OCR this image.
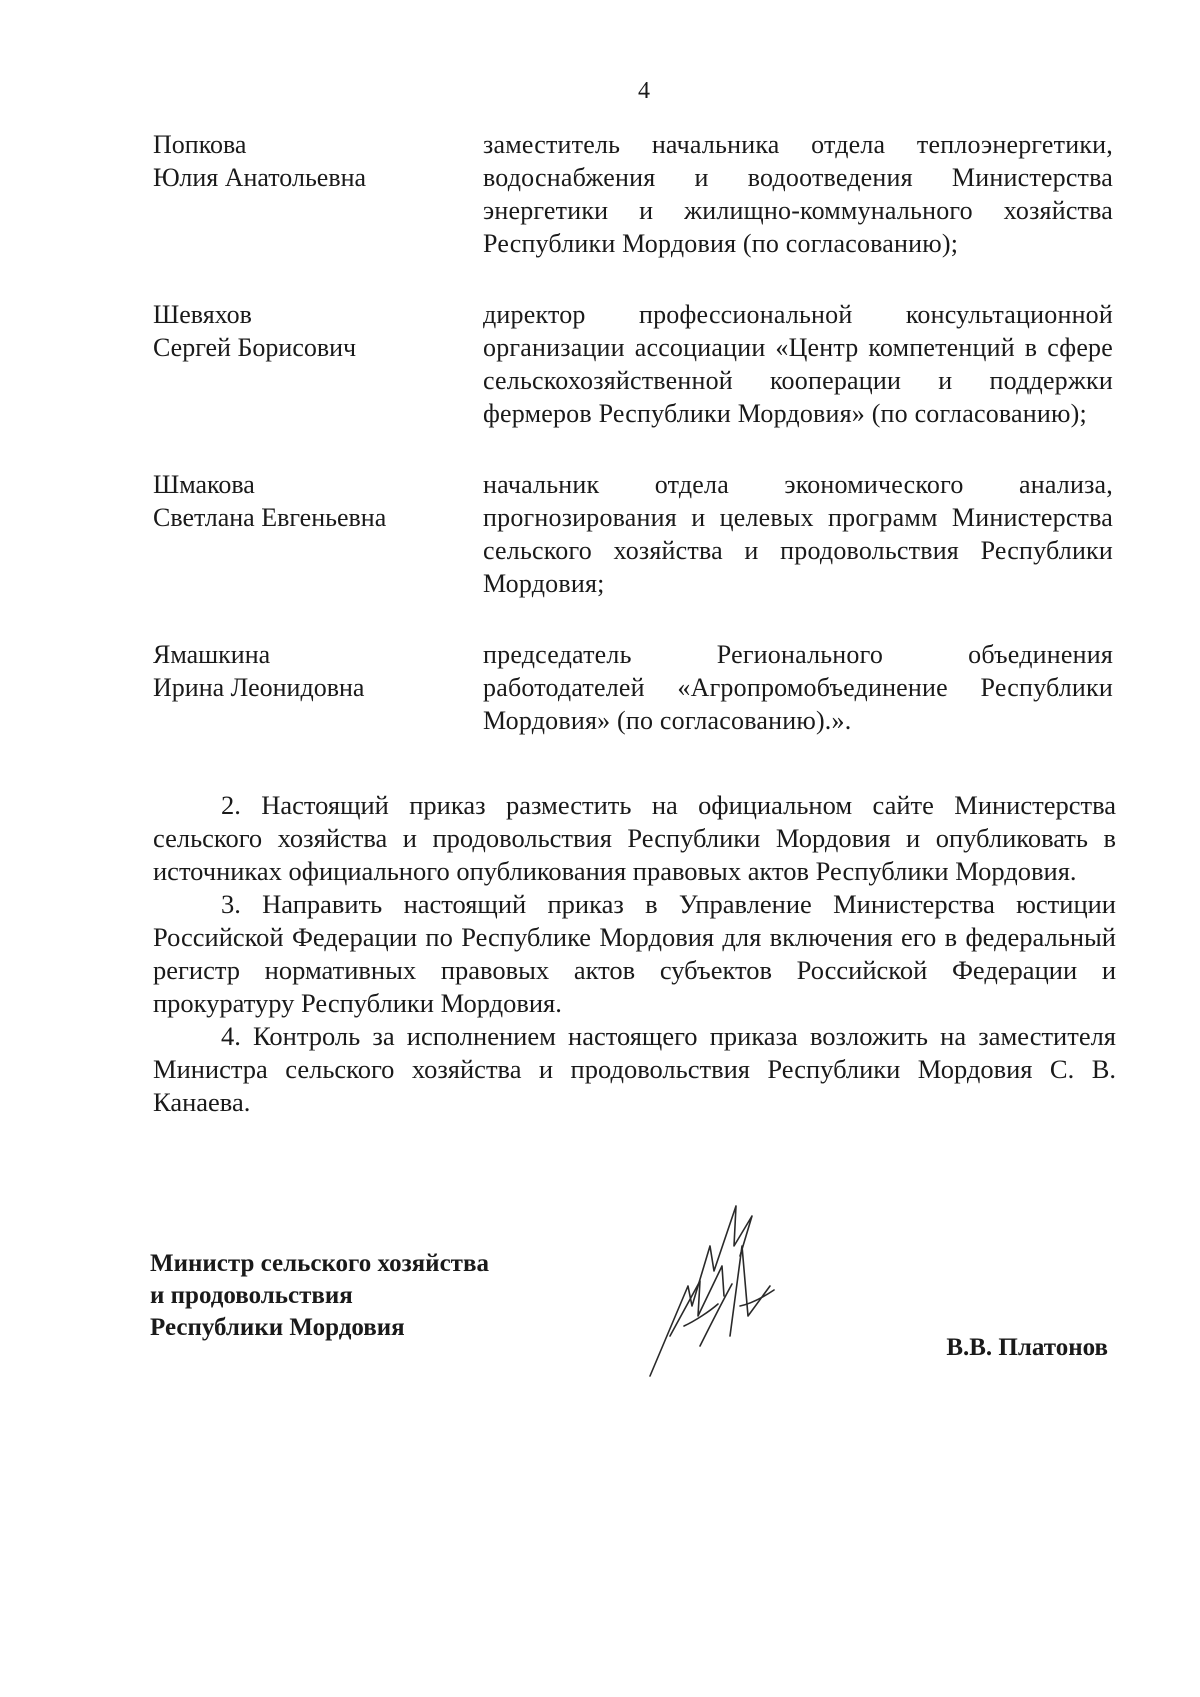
4
Попкова
Юлия Анатольевна
заместитель начальника отдела теплоэнергетики, водоснабжения и водоотведения Министерства энергетики и жилищно-коммунального хозяйства Республики Мордовия (по согласованию);
Шевяхов
Сергей Борисович
директор профессиональной консультационной организации ассоциации «Центр компетенций в сфере сельскохозяйственной кооперации и поддержки фермеров Республики Мордовия» (по согласованию);
Шмакова
Светлана Евгеньевна
начальник отдела экономического анализа, прогнозирования и целевых программ Министерства сельского хозяйства и продовольствия Республики Мордовия;
Ямашкина
Ирина Леонидовна
председатель Регионального объединения работодателей «Агропромобъединение Республики Мордовия» (по согласованию).».

2. Настоящий приказ разместить на официальном сайте Министерства сельского хозяйства и продовольствия Республики Мордовия и опубликовать в источниках официального опубликования правовых актов Республики Мордовия.

3. Направить настоящий приказ в Управление Министерства юстиции Российской Федерации по Республике Мордовия для включения его в федеральный регистр нормативных правовых актов субъектов Российской Федерации и прокуратуру Республики Мордовия.

4. Контроль за исполнением настоящего приказа возложить на заместителя Министра сельского хозяйства и продовольствия Республики Мордовия С. В. Канаева.

Министр сельского хозяйства
и продовольствия
Республики Мордовия
В.В. Платонов
